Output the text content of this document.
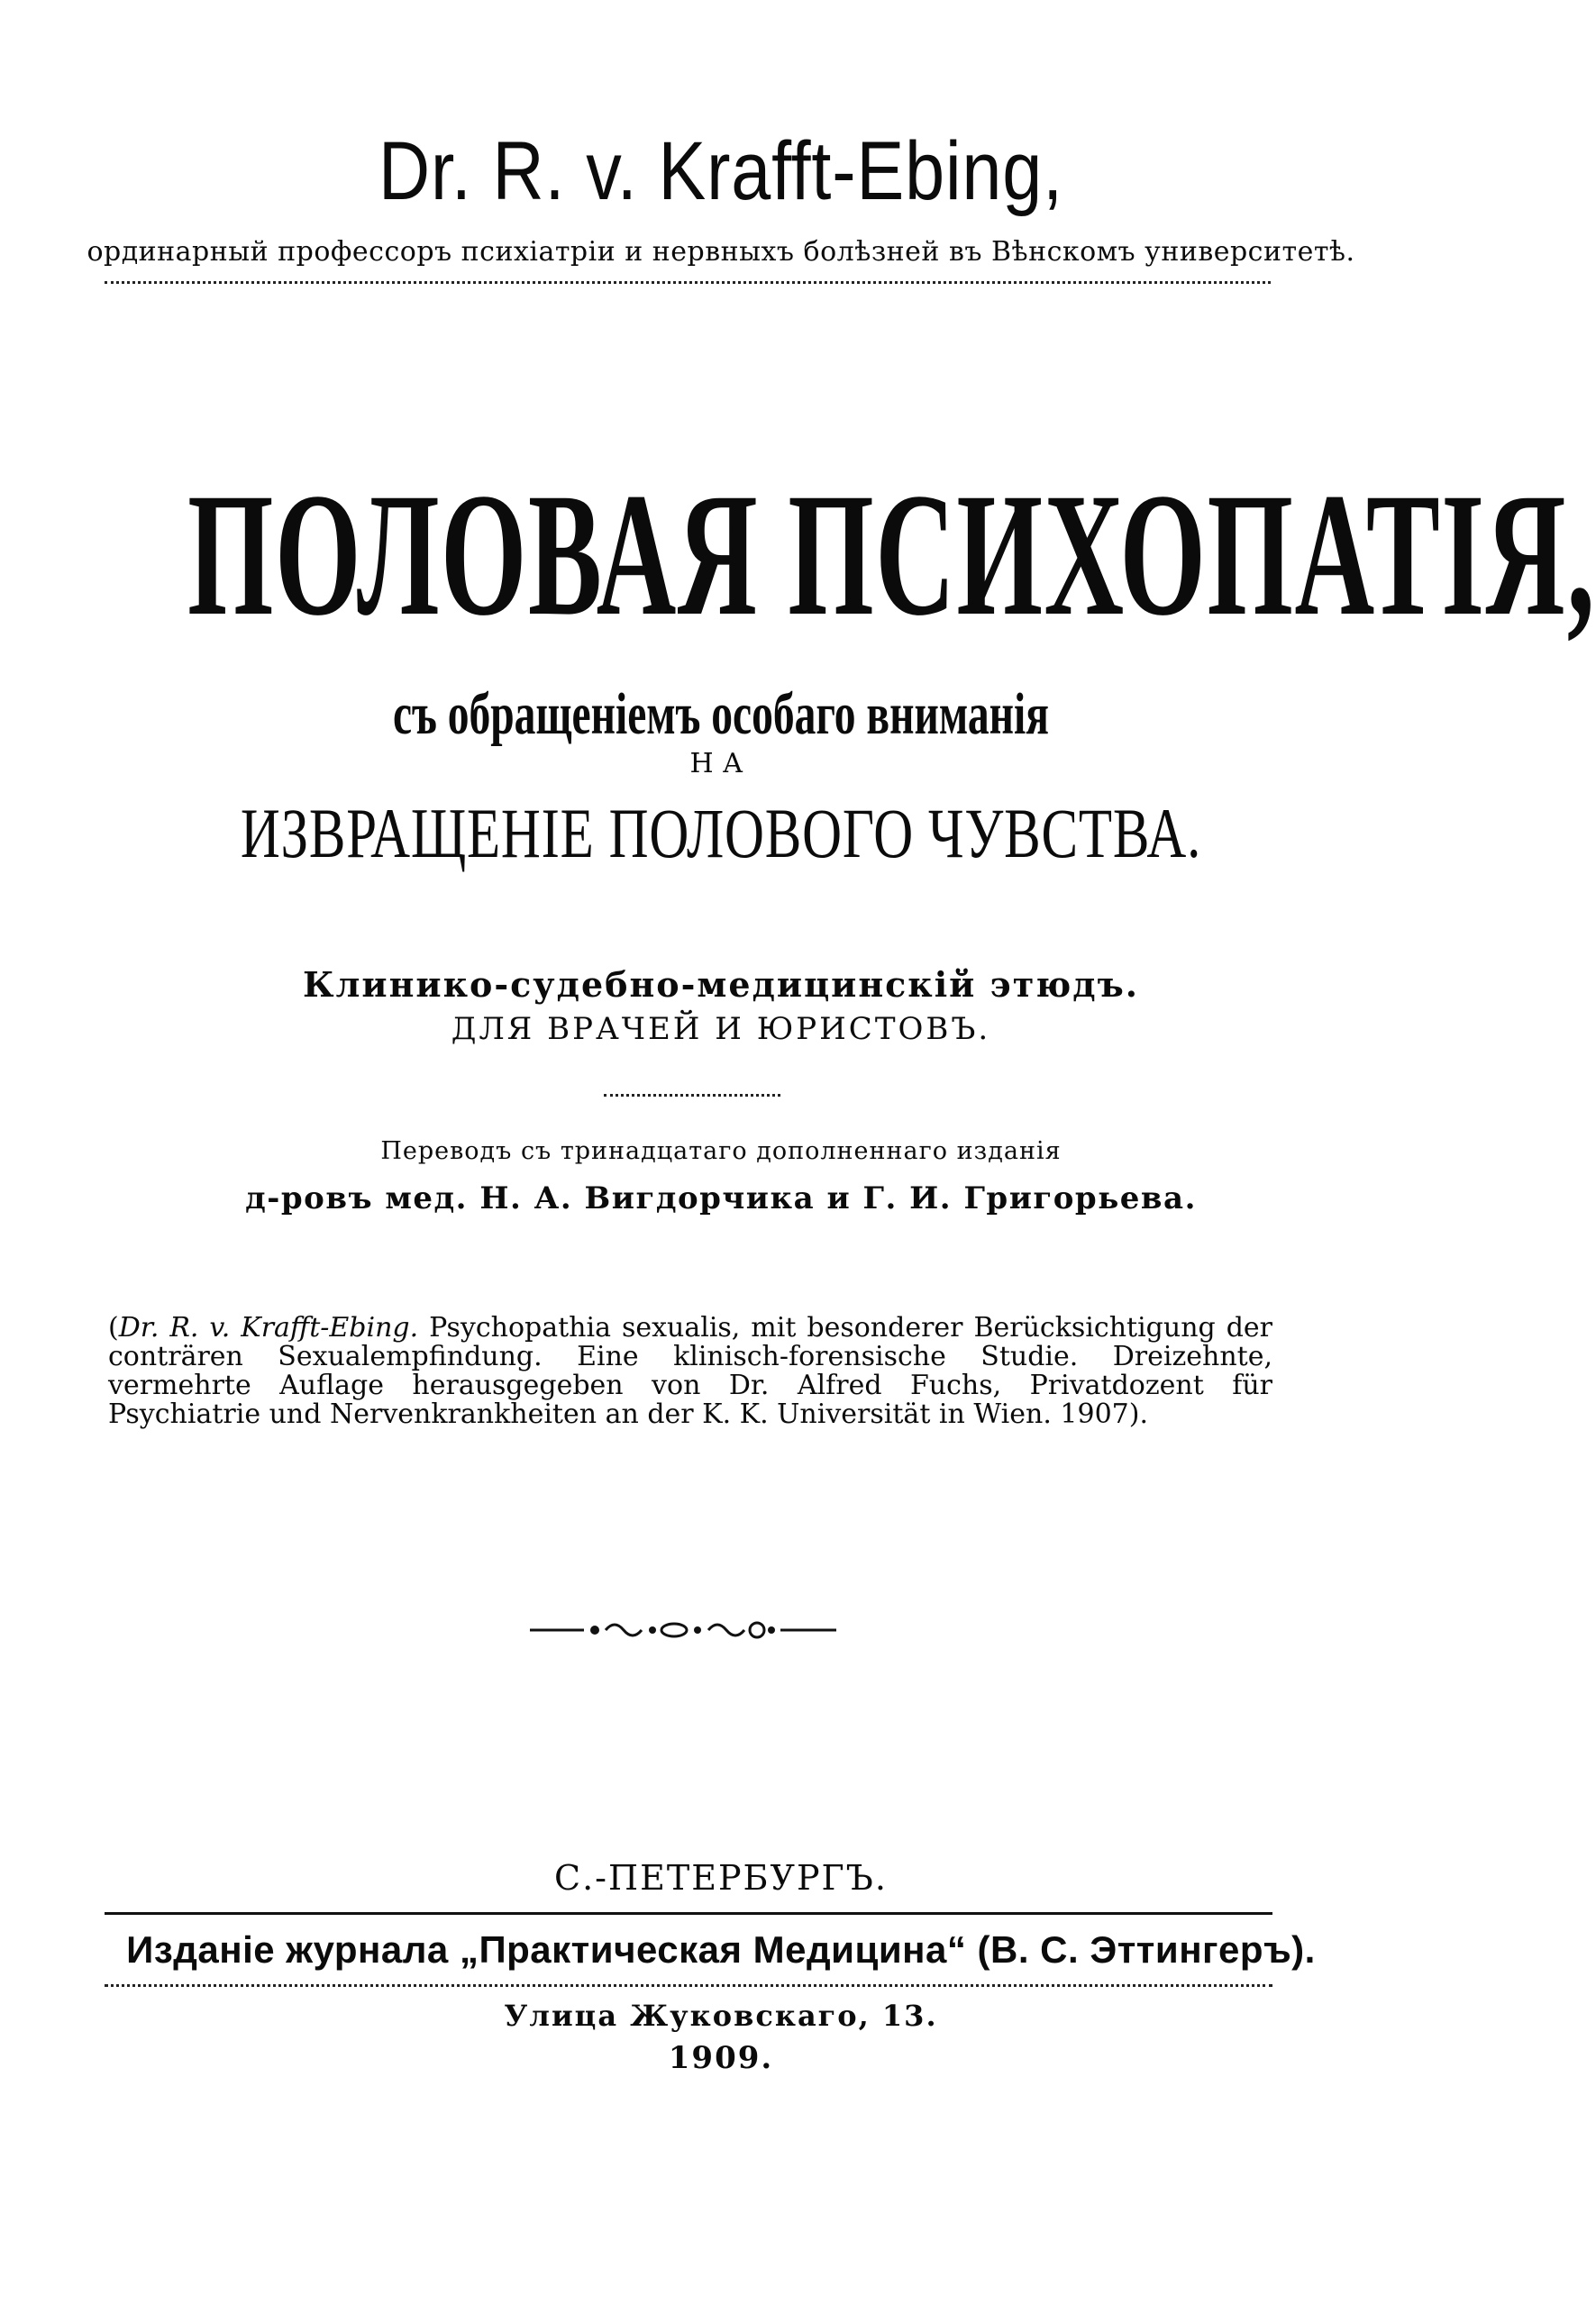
Dr. R. v. Krafft-Ebing,
ординарный профессоръ психіатріи и нервныхъ болѣзней въ Вѣнскомъ университетѣ.
ПОЛОВАЯ ПСИХОПАТІЯ,
съ обращеніемъ особаго вниманія
НА
ИЗВРАЩЕНІЕ ПОЛОВОГО ЧУВСТВА.
Клинико-судебно-медицинскій этюдъ.
ДЛЯ ВРАЧЕЙ И ЮРИСТОВЪ.
Переводъ съ тринадцатаго дополненнаго изданія
д-ровъ мед. Н. А. Вигдорчика и Г. И. Григорьева.
(Dr. R. v. Krafft-Ebing. Psychopathia sexualis, mit besonderer Berücksichtigung der conträren Sexualempfindung. Eine klinisch-forensische Studie. Dreizehnte, vermehrte Auflage herausgegeben von Dr. Alfred Fuchs, Privatdozent für Psychiatrie und Nervenkrankheiten an der K. K. Universität in Wien. 1907).
С.-ПЕТЕРБУРГЪ.
Изданіе журнала „Практическая Медицина“ (В. С. Эттингеръ).
Улица Жуковскаго, 13.
1909.
